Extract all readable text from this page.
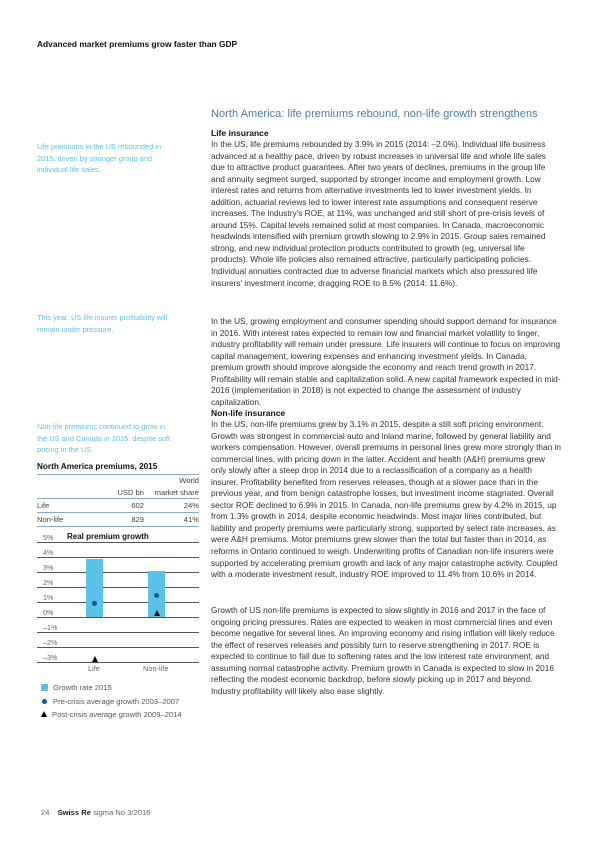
Advanced market premiums grow faster than GDP
North America: life premiums rebound, non-life growth strengthens
Life insurance

In the US, life premiums rebounded by 3.9% in 2015 (2014: –2.0%). Individual life business advanced at a healthy pace, driven by robust increases in universal life and whole life sales due to attractive product guarantees. After two years of declines, premiums in the group life and annuity segment surged, supported by stronger income and employment growth. Low interest rates and returns from alternative investments led to lower investment yields. In addition, actuarial reviews led to lower interest rate assumptions and consequent reserve increases. The industry's ROE, at 11%, was unchanged and still short of pre-crisis levels of around 15%. Capital levels remained solid at most companies. In Canada, macroeconomic headwinds intensified with premium growth slowing to 2.9% in 2015. Group sales remained strong, and new individual protection products contributed to growth (eg, universal life products). Whole life policies also remained attractive, particularly participating policies. Individual annuities contracted due to adverse financial markets which also pressured life insurers' investment income, dragging ROE to 8.5% (2014: 11.6%).

In the US, growing employment and consumer spending should support demand for insurance in 2016. With interest rates expected to remain low and financial market volatility to linger, industry profitability will remain under pressure. Life insurers will continue to focus on improving capital management, lowering expenses and enhancing investment yields. In Canada, premium growth should improve alongside the economy and reach trend growth in 2017. Profitability will remain stable and capitalization solid. A new capital framework expected in mid-2016 (implementation in 2018) is not expected to change the assessment of industry capitalization.

Non-life insurance

In the US, non-life premiums grew by 3.1% in 2015, despite a still soft pricing environment. Growth was strongest in commercial auto and inland marine, followed by general liability and workers compensation. However, overall premiums in personal lines grew more strongly than in commercial lines, with pricing down in the latter. Accident and health (A&H) premiums grew only slowly after a steep drop in 2014 due to a reclassification of a company as a health insurer. Profitability benefited from reserves releases, though at a slower pace than in the previous year, and from benign catastrophe losses, but investment income stagnated. Overall sector ROE declined to 6.9% in 2015. In Canada, non-life premiums grew by 4.2% in 2015, up from 1.3% growth in 2014, despite economic headwinds. Most major lines contributed, but liability and property premiums were particularly strong, supported by select rate increases, as were A&H premiums. Motor premiums grew slower than the total but faster than in 2014, as reforms in Ontario continued to weigh. Underwriting profits of Canadian non-life insurers were supported by accelerating premium growth and lack of any major catastrophe activity. Coupled with a moderate investment result, industry ROE improved to 11.4% from 10.6% in 2014.

Growth of US non-life premiums is expected to slow slightly in 2016 and 2017 in the face of ongoing pricing pressures. Rates are expected to weaken in most commercial lines and even become negative for several lines. An improving economy and rising inflation will likely reduce the effect of reserves releases and possibly turn to reserve strengthening in 2017. ROE is expected to continue to fall due to softening rates and the low interest rate environment, and assuming normal catastrophe activity. Premium growth in Canada is expected to slow in 2016 reflecting the modest economic backdrop, before slowly picking up in 2017 and beyond. Industry profitability will likely also ease slightly.

Life premiums in the US rebounded in 2015, driven by stronger group and individual life sales.
This year, US life insurer profitability will remain under pressure.
Non-life premiums continued to grow in the US and Canada in 2015, despite soft pricing in the US.
North America premiums, 2015
World
USD bn	market share
Life	602	24%
Non-life	829	41%
5%
4%
3%
2%
1%
0%
–1%
–2%
–3%
Real premium growth
Life	Non-life
Growth rate 2015
Pre-crisis average growth 2003–2007
Post-crisis average growth 2009–2014
24 Swiss Re sigma No 3/2016
